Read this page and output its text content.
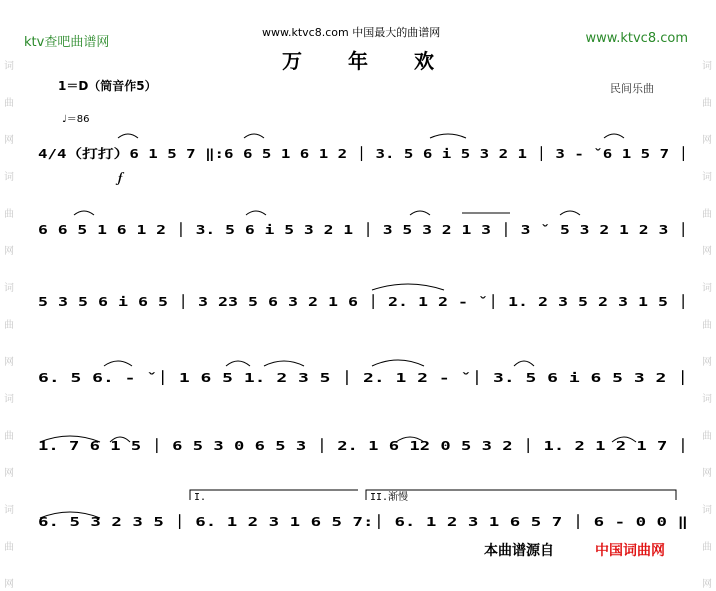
ktv查吧曲谱网	www.ktvc8.com
www.ktvc8.com 中国最大的曲谱网
万年欢
1＝D（筒音作5）	民间乐曲
♩＝86
词
曲
网
词
曲
网
词
曲
网
词
曲
网
词
曲
网
词
曲
网
词
曲
网
词
曲
网
词
曲
网
词
曲
网
4/4（打打）6 1 5 7 ‖:6 6 5 1 6 1 2 │ 3. 5 6 i 5 3 2 1 │ 3 - ˇ6 1 5 7 │
6 6 5 1 6 1 2 │ 3. 5 6 i 5 3 2 1 │ 3 5 3 2 1 3 │ 3 ˇ 5 3 2 1 2 3 │
5 3 5 6 i 6 5 │ 3 23 5 6 3 2 1 6 │ 2. 1 2 - ˇ│ 1. 2 3 5 2 3 1 5 │
6. 5 6. - ˇ│ 1 6 5 1. 2 3 5 │ 2. 1 2 - ˇ│ 3. 5 6 i 6 5 3 2 │
1. 7 6 1 5 │ 6 5 3 0 6 5 3 │ 2. 1 6 12 0 5 3 2 │ 1. 2 1 2 1 7 │
6. 5 3 2 3 5 │ 6. 1 2 3 1 6 5 7:│ 6. 1 2 3 1 6 5 7 │ 6 - 0 0 ‖
𝆑
I.	II.渐慢
本曲谱源自	中国词曲网
